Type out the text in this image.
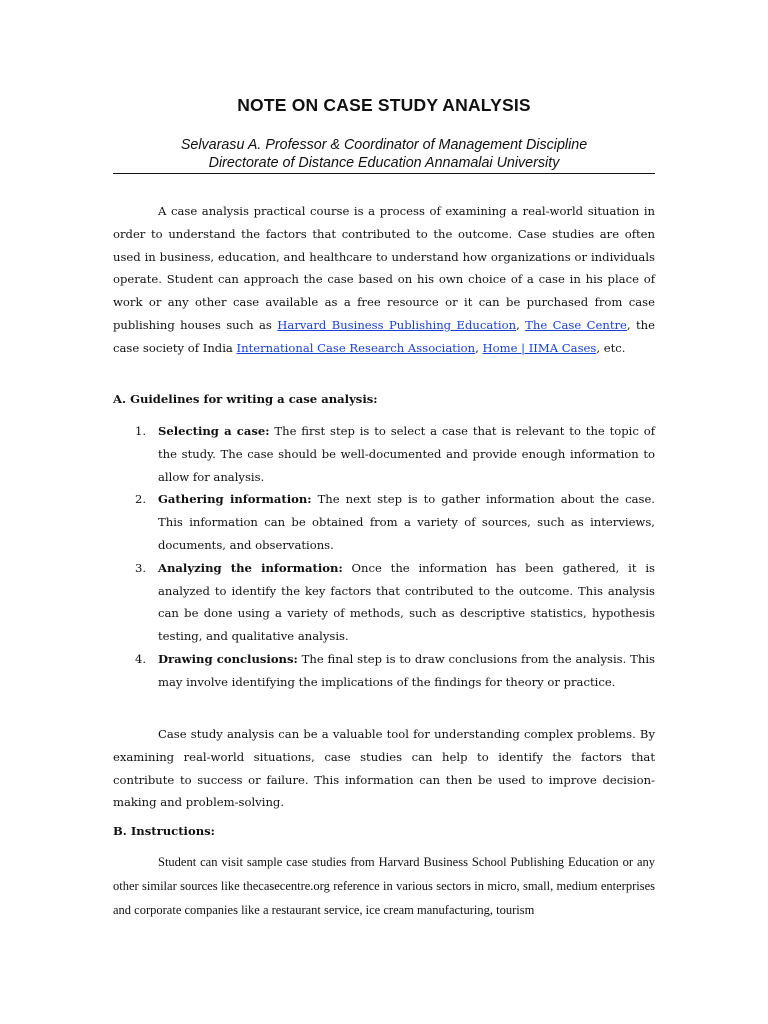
NOTE ON CASE STUDY ANALYSIS
Selvarasu A. Professor & Coordinator of Management Discipline
Directorate of Distance Education Annamalai University

A case analysis practical course is a process of examining a real-world situation in order to understand the factors that contributed to the outcome. Case studies are often used in business, education, and healthcare to understand how organizations or individuals operate. Student can approach the case based on his own choice of a case in his place of work or any other case available as a free resource or it can be purchased from case publishing houses such as Harvard Business Publishing Education, The Case Centre, the case society of India International Case Research Association, Home | IIMA Cases, etc.

A. Guidelines for writing a case analysis:
1. Selecting a case: The first step is to select a case that is relevant to the topic of the study. The case should be well-documented and provide enough information to allow for analysis.
2. Gathering information: The next step is to gather information about the case. This information can be obtained from a variety of sources, such as interviews, documents, and observations.
3. Analyzing the information: Once the information has been gathered, it is analyzed to identify the key factors that contributed to the outcome. This analysis can be done using a variety of methods, such as descriptive statistics, hypothesis testing, and qualitative analysis.
4. Drawing conclusions: The final step is to draw conclusions from the analysis. This may involve identifying the implications of the findings for theory or practice.

Case study analysis can be a valuable tool for understanding complex problems. By examining real-world situations, case studies can help to identify the factors that contribute to success or failure. This information can then be used to improve decision-making and problem-solving.

B. Instructions:

Student can visit sample case studies from Harvard Business School Publishing Education or any other similar sources like thecasecentre.org reference in various sectors in micro, small, medium enterprises and corporate companies like a restaurant service, ice cream manufacturing, tourism
